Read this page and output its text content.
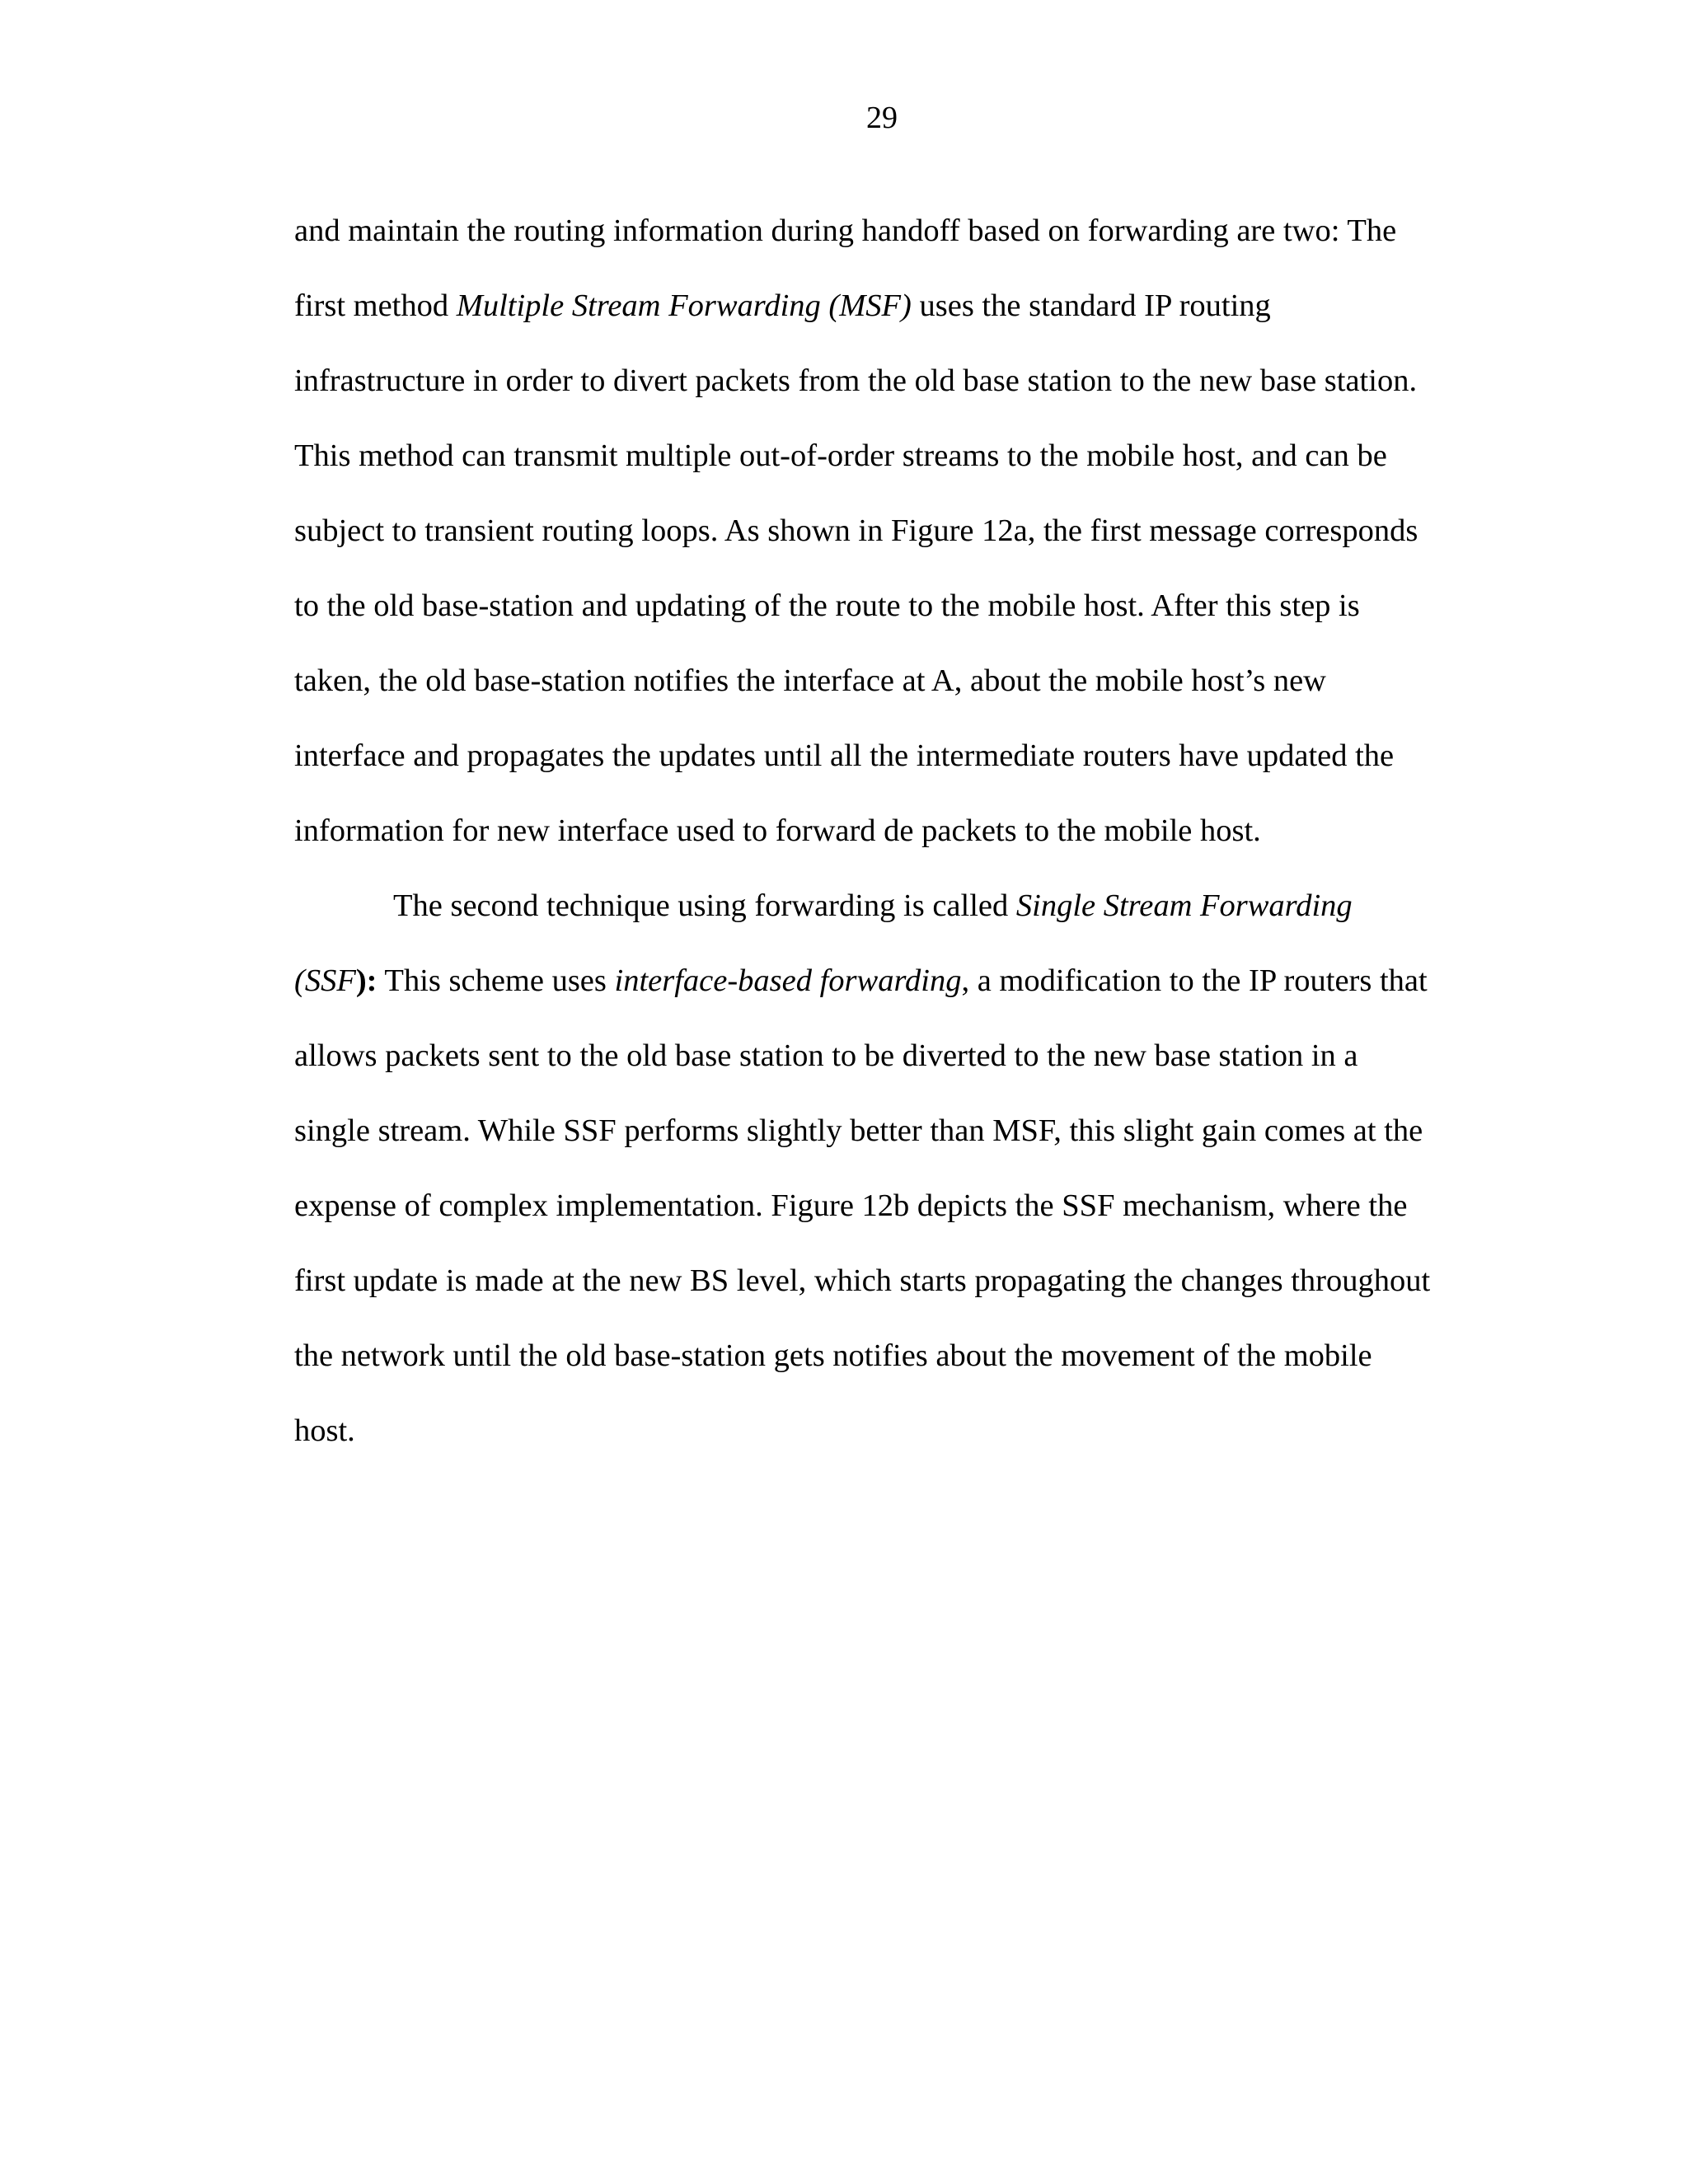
29
and maintain the routing information during handoff based on forwarding are two: The
first method Multiple Stream Forwarding (MSF) uses the standard IP routing
infrastructure in order to divert packets from the old base station to the new base station.
This method can transmit multiple out-of-order streams to the mobile host, and can be
subject to transient routing loops. As shown in Figure 12a, the first message corresponds
to the old base-station and updating of the route to the mobile host. After this step is
taken, the old base-station notifies the interface at A, about the mobile host’s new
interface and propagates the updates until all the intermediate routers have updated the
information for new interface used to forward de packets to the mobile host.
The second technique using forwarding is called Single Stream Forwarding
(SSF): This scheme uses interface-based forwarding, a modification to the IP routers that
allows packets sent to the old base station to be diverted to the new base station in a
single stream. While SSF performs slightly better than MSF, this slight gain comes at the
expense of complex implementation. Figure 12b depicts the SSF mechanism, where the
first update is made at the new BS level, which starts propagating the changes throughout
the network until the old base-station gets notifies about the movement of the mobile
host.
